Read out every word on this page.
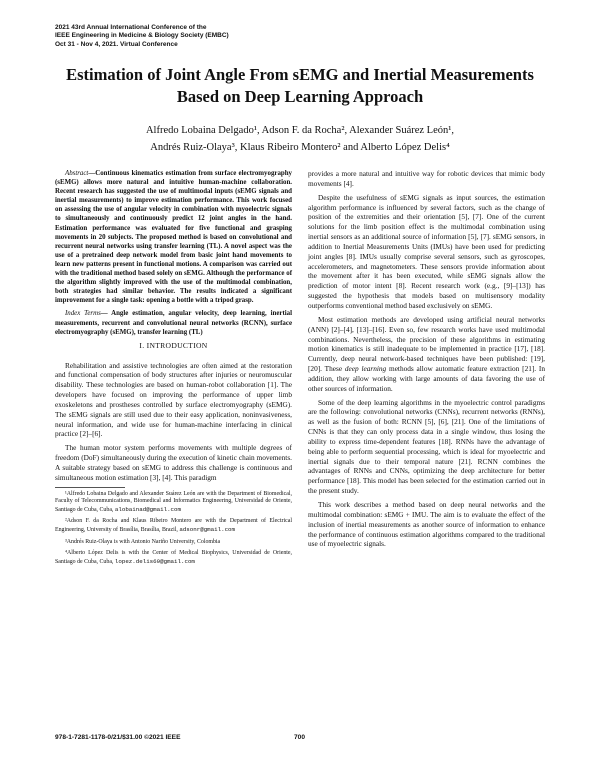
2021 43rd Annual International Conference of the
IEEE Engineering in Medicine & Biology Society (EMBC)
Oct 31 - Nov 4, 2021. Virtual Conference
Estimation of Joint Angle From sEMG and Inertial Measurements
Based on Deep Learning Approach
Alfredo Lobaina Delgado¹, Adson F. da Rocha², Alexander Suárez León¹,
Andrés Ruiz-Olaya³, Klaus Ribeiro Montero² and Alberto López Delis⁴

Abstract—Continuous kinematics estimation from surface electromyography (sEMG) allows more natural and intuitive human-machine collaboration. Recent research has suggested the use of multimodal inputs (sEMG signals and inertial measurements) to improve estimation performance. This work focused on assessing the use of angular velocity in combination with myoelectric signals to simultaneously and continuously predict 12 joint angles in the hand. Estimation performance was evaluated for five functional and grasping movements in 20 subjects. The proposed method is based on convolutional and recurrent neural networks using transfer learning (TL). A novel aspect was the use of a pretrained deep network model from basic joint hand movements to learn new patterns present in functional motions. A comparison was carried out with the traditional method based solely on sEMG. Although the performance of the algorithm slightly improved with the use of the multimodal combination, both strategies had similar behavior. The results indicated a significant improvement for a single task: opening a bottle with a tripod grasp.

Index Terms— Angle estimation, angular velocity, deep learning, inertial measurements, recurrent and convolutional neural networks (RCNN), surface electromyography (sEMG), transfer learning (TL)

I. INTRODUCTION

Rehabilitation and assistive technologies are often aimed at the restoration and functional compensation of body structures after injuries or neuromuscular disability. These technologies are based on human-robot collaboration [1]. The developers have focused on improving the performance of upper limb exoskeletons and prostheses controlled by surface electromyography (sEMG). The sEMG signals are still used due to their easy application, noninvasiveness, neural information, and wide use for human-machine interfacing in clinical practice [2]–[6].

The human motor system performs movements with multiple degrees of freedom (DoF) simultaneously during the execution of kinetic chain movements. A suitable strategy based on sEMG to address this challenge is continuous and simultaneous motion estimation [3], [4]. This paradigm

¹Alfredo Lobaina Delgado and Alexander Suárez León are with the Department of Biomedical, Faculty of Telecommunications, Biomedical and Informatics Engineering, Universidad de Oriente, Santiago de Cuba, Cuba, alobainad@gmail.com

²Adson F. da Rocha and Klaus Ribeiro Montero are with the Department of Electrical Engineering, University of Brasília, Brasília, Brazil, adsonr@gmail.com

³Andrés Ruiz-Olaya is with Antonio Nariño University, Colombia

⁴Alberto López Delis is with the Center of Medical Biophysics, Universidad de Oriente, Santiago de Cuba, Cuba, lopez.delis69@gmail.com

provides a more natural and intuitive way for robotic devices that mimic body movements [4].

Despite the usefulness of sEMG signals as input sources, the estimation algorithm performance is influenced by several factors, such as the change of position of the extremities and their orientation [5], [7]. One of the current solutions for the limb position effect is the multimodal combination using inertial sensors as an additional source of information [5], [7]. sEMG sensors, in addition to Inertial Measurements Units (IMUs) have been used for predicting joint angles [8]. IMUs usually comprise several sensors, such as gyroscopes, accelerometers, and magnetometers. These sensors provide information about the movement after it has been executed, while sEMG signals allow the prediction of motor intent [8]. Recent research work (e.g., [9]–[13]) has suggested the hypothesis that models based on multisensory modality outperforms conventional method based exclusively on sEMG.

Most estimation methods are developed using artificial neural networks (ANN) [2]–[4], [13]–[16]. Even so, few research works have used multimodal combinations. Nevertheless, the precision of these algorithms in estimating motion kinematics is still inadequate to be implemented in practice [17], [18]. Currently, deep neural network-based techniques have been published: [19], [20]. These deep learning methods allow automatic feature extraction [21]. In addition, they allow working with large amounts of data favoring the use of other sources of information.

Some of the deep learning algorithms in the myoelectric control paradigms are the following: convolutional networks (CNNs), recurrent networks (RNNs), as well as the fusion of both: RCNN [5], [6], [21]. One of the limitations of CNNs is that they can only process data in a single window, thus losing the ability to express time-dependent features [18]. RNNs have the advantage of being able to perform sequential processing, which is ideal for myoelectric and inertial signals due to their temporal nature [21]. RCNN combines the advantages of RNNs and CNNs, optimizing the deep architecture for better performance [18]. This model has been selected for the estimation carried out in the present study.

This work describes a method based on deep neural networks and the multimodal combination: sEMG + IMU. The aim is to evaluate the effect of the inclusion of inertial measurements as another source of information to enhance the performance of continuous estimation algorithms compared to the traditional use of myoelectric signals.

978-1-7281-1178-0/21/$31.00 ©2021 IEEE	700
